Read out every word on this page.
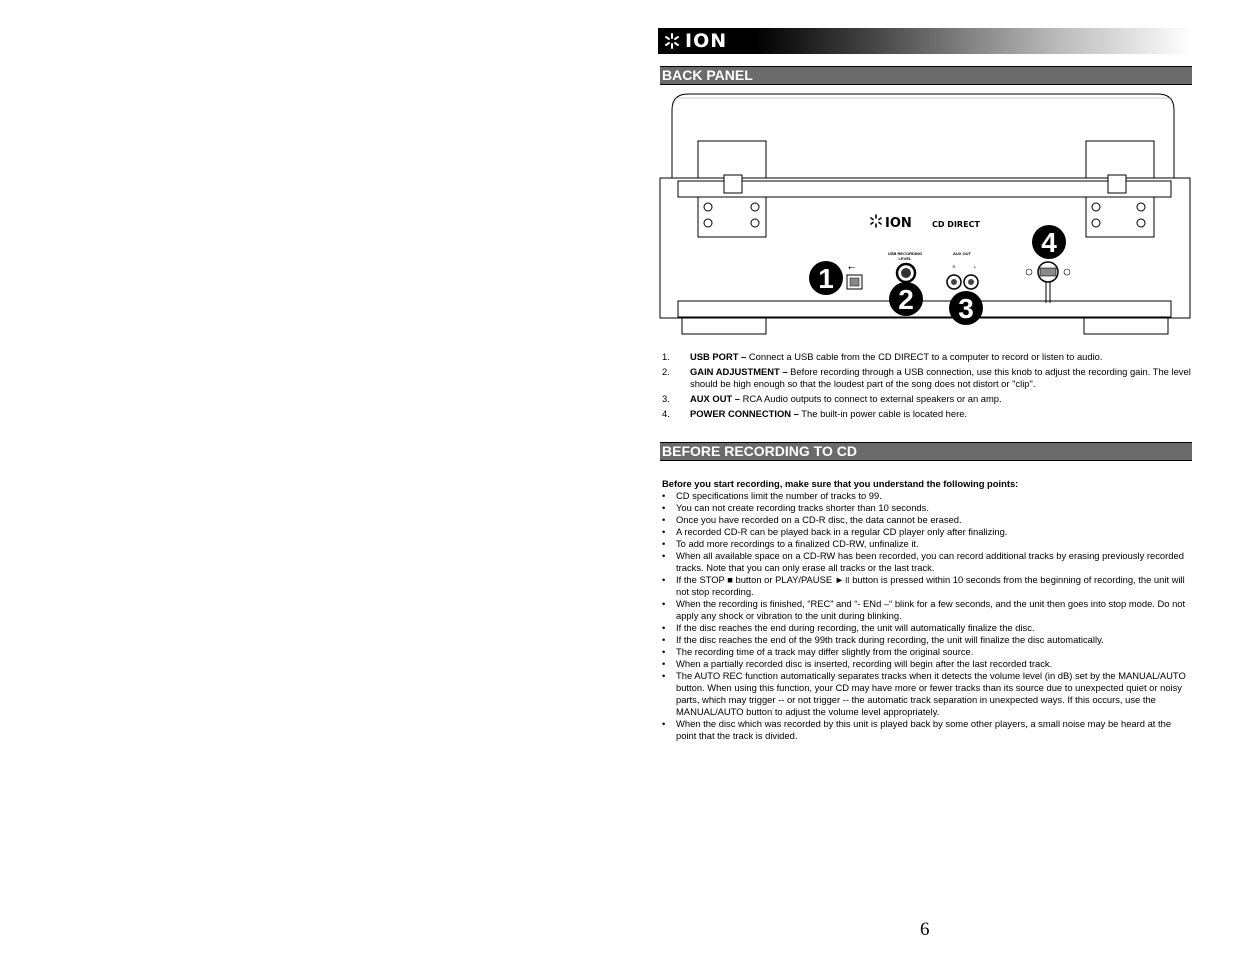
ION
BACK PANEL
ION	CD DIRECT
⭠
USB RECORDING
LEVEL
AUX OUT
R	L
1
2 3
4
1. USB PORT – Connect a USB cable from the CD DIRECT to a computer to record or listen to audio.
2. GAIN ADJUSTMENT – Before recording through a USB connection, use this knob to adjust the recording gain. The level should be high enough so that the loudest part of the song does not distort or "clip".
3. AUX OUT – RCA Audio outputs to connect to external speakers or an amp.
4. POWER CONNECTION – The built-in power cable is located here.
BEFORE RECORDING TO CD
Before you start recording, make sure that you understand the following points:
• CD specifications limit the number of tracks to 99.
• You can not create recording tracks shorter than 10 seconds.
• Once you have recorded on a CD-R disc, the data cannot be erased.
• A recorded CD-R can be played back in a regular CD player only after finalizing.
• To add more recordings to a finalized CD-RW, unfinalize it.
• When all available space on a CD-RW has been recorded, you can record additional tracks by erasing previously recorded tracks. Note that you can only erase all tracks or the last track.
• If the STOP ■ button or PLAY/PAUSE ►॥ button is pressed within 10 seconds from the beginning of recording, the unit will not stop recording.
• When the recording is finished, “REC” and “- ENd –“ blink for a few seconds, and the unit then goes into stop mode. Do not apply any shock or vibration to the unit during blinking.
• If the disc reaches the end during recording, the unit will automatically finalize the disc.
• If the disc reaches the end of the 99th track during recording, the unit will finalize the disc automatically.
• The recording time of a track may differ slightly from the original source.
• When a partially recorded disc is inserted, recording will begin after the last recorded track.
• The AUTO REC function automatically separates tracks when it detects the volume level (in dB) set by the MANUAL/AUTO button. When using this function, your CD may have more or fewer tracks than its source due to unexpected quiet or noisy parts, which may trigger -- or not trigger -- the automatic track separation in unexpected ways. If this occurs, use the MANUAL/AUTO button to adjust the volume level appropriately.
• When the disc which was recorded by this unit is played back by some other players, a small noise may be heard at the point that the track is divided.
6
